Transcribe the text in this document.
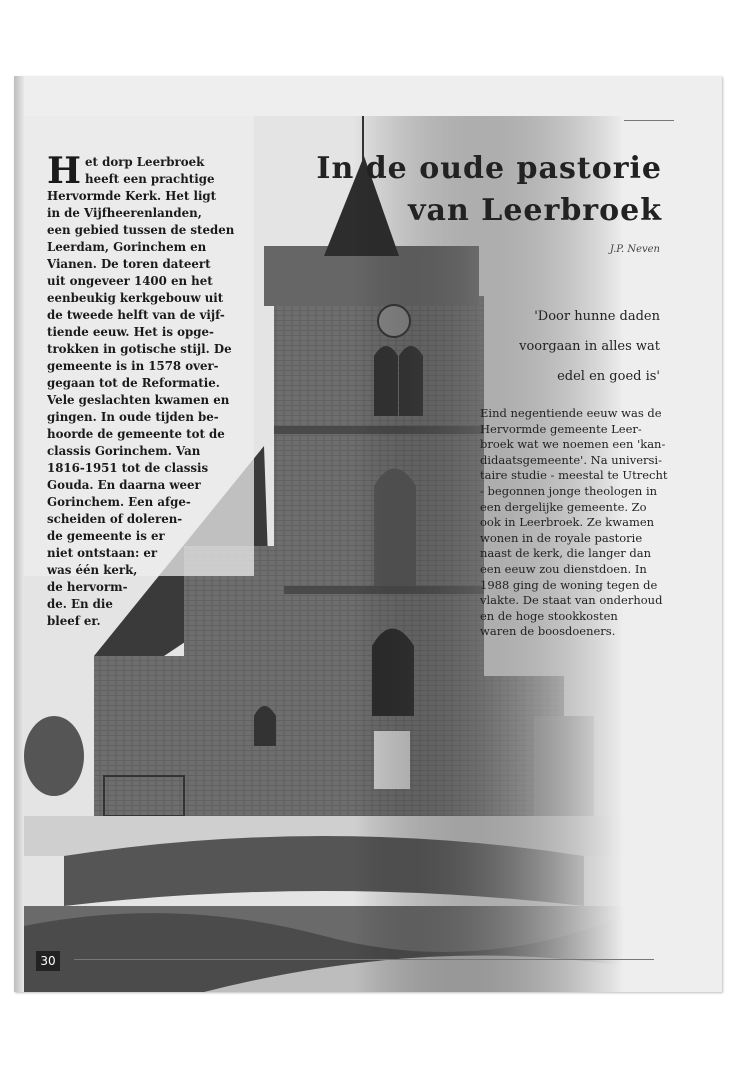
In de oude pastorie
van Leerbroek
J.P. Neven
'Door hunne daden
voorgaan in alles wat
edel en goed is'
H et dorp Leerbroek
heeft een prachtige
Hervormde Kerk. Het ligt
in de Vijfheerenlanden,
een gebied tussen de steden
Leerdam, Gorinchem en
Vianen. De toren dateert
uit ongeveer 1400 en het
eenbeukig kerkgebouw uit
de tweede helft van de vijf-
tiende eeuw. Het is opge-
trokken in gotische stijl. De
gemeente is in 1578 over-
gegaan tot de Reformatie.
Vele geslachten kwamen en
gingen. In oude tijden be-
hoorde de gemeente tot de
classis Gorinchem. Van
1816-1951 tot de classis
Gouda. En daarna weer
Gorinchem. Een afge-
scheiden of doleren-
de gemeente is er
niet ontstaan: er
was één kerk,
de hervorm-
de. En die
bleef er.
Eind negentiende eeuw was de
Hervormde gemeente Leer-
broek wat we noemen een 'kan-
didaatsgemeente'. Na universi-
taire studie - meestal te Utrecht
- begonnen jonge theologen in
een dergelijke gemeente. Zo
ook in Leerbroek. Ze kwamen
wonen in de royale pastorie
naast de kerk, die langer dan
een eeuw zou dienstdoen. In
1988 ging de woning tegen de
vlakte. De staat van onderhoud
en de hoge stookkosten
waren de boosdoeners.
30
